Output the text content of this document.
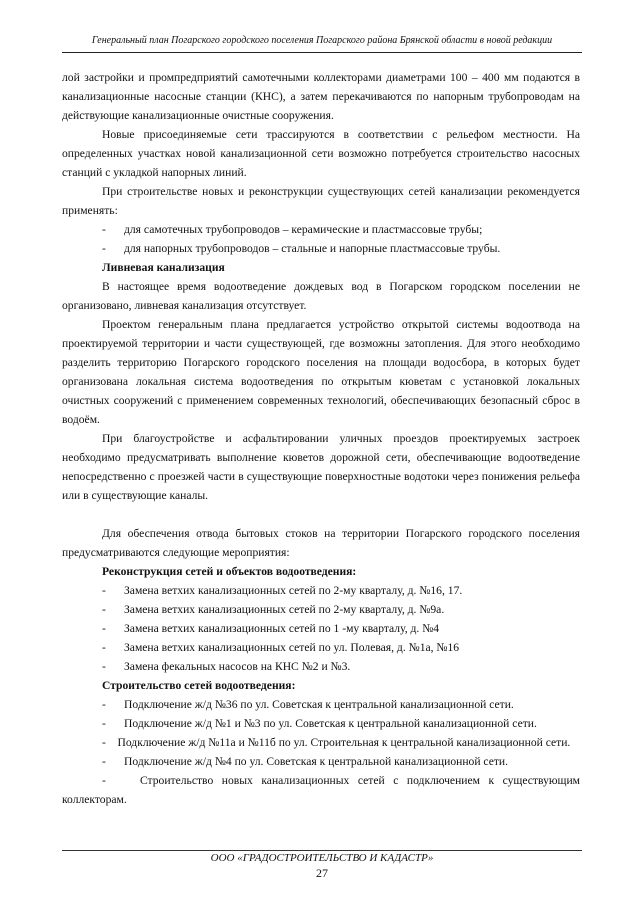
Генеральный план Погарского городского поселения Погарского района Брянской области в новой редакции

лой застройки и промпредприятий самотечными коллекторами диаметрами 100 – 400 мм подаются в канализационные насосные станции (КНС), а затем перекачиваются по напорным трубопроводам на действующие канализационные очистные сооружения.

Новые присоединяемые сети трассируются в соответствии с рельефом местности. На определенных участках новой канализационной сети возможно потребуется строительство насосных станций с укладкой напорных линий.

При строительстве новых и реконструкции существующих сетей канализации рекомендуется применять:

-	для самотечных трубопроводов – керамические и пластмассовые трубы;
-	для напорных трубопроводов – стальные и напорные пластмассовые трубы.

Ливневая канализация

В настоящее время водоотведение дождевых вод в Погарском городском поселении не организовано, ливневая канализация отсутствует.

Проектом генеральным плана предлагается устройство открытой системы водоотвода на проектируемой территории и части существующей, где возможны затопления. Для этого необходимо разделить территорию Погарского городского поселения на площади водосбора, в которых будет организована локальная система водоотведения по открытым кюветам с установкой локальных очистных сооружений с применением современных технологий, обеспечивающих безопасный сброс в водоём.

При благоустройстве и асфальтировании уличных проездов проектируемых застроек необходимо предусматривать выполнение кюветов дорожной сети, обеспечивающие водоотведение непосредственно с проезжей части в существующие поверхностные водотоки через понижения рельефа или в существующие каналы.

Для обеспечения отвода бытовых стоков на территории Погарского городского поселения предусматриваются следующие мероприятия:

Реконструкция сетей и объектов водоотведения:

-	Замена ветхих канализационных сетей по 2-му кварталу, д. №16, 17.
-	Замена ветхих канализационных сетей по 2-му кварталу, д. №9а.
-	Замена ветхих канализационных сетей по 1 -му кварталу, д. №4
-	Замена ветхих канализационных сетей по ул. Полевая, д. №1а, №16
-	Замена фекальных насосов на КНС №2 и №3.

Строительство сетей водоотведения:

-	Подключение ж/д №36 по ул. Советская к центральной канализационной сети.
-	Подключение ж/д №1 и №3 по ул. Советская к центральной канализационной сети.

- Подключение ж/д №11а и №11б по ул. Строительная к центральной канализационной сети.

-	Подключение ж/д №4 по ул. Советская к центральной канализационной сети.

-	Строительство новых канализационных сетей с подключением к существующим коллекторам.

ООО «ГРАДОСТРОИТЕЛЬСТВО И КАДАСТР»
27
